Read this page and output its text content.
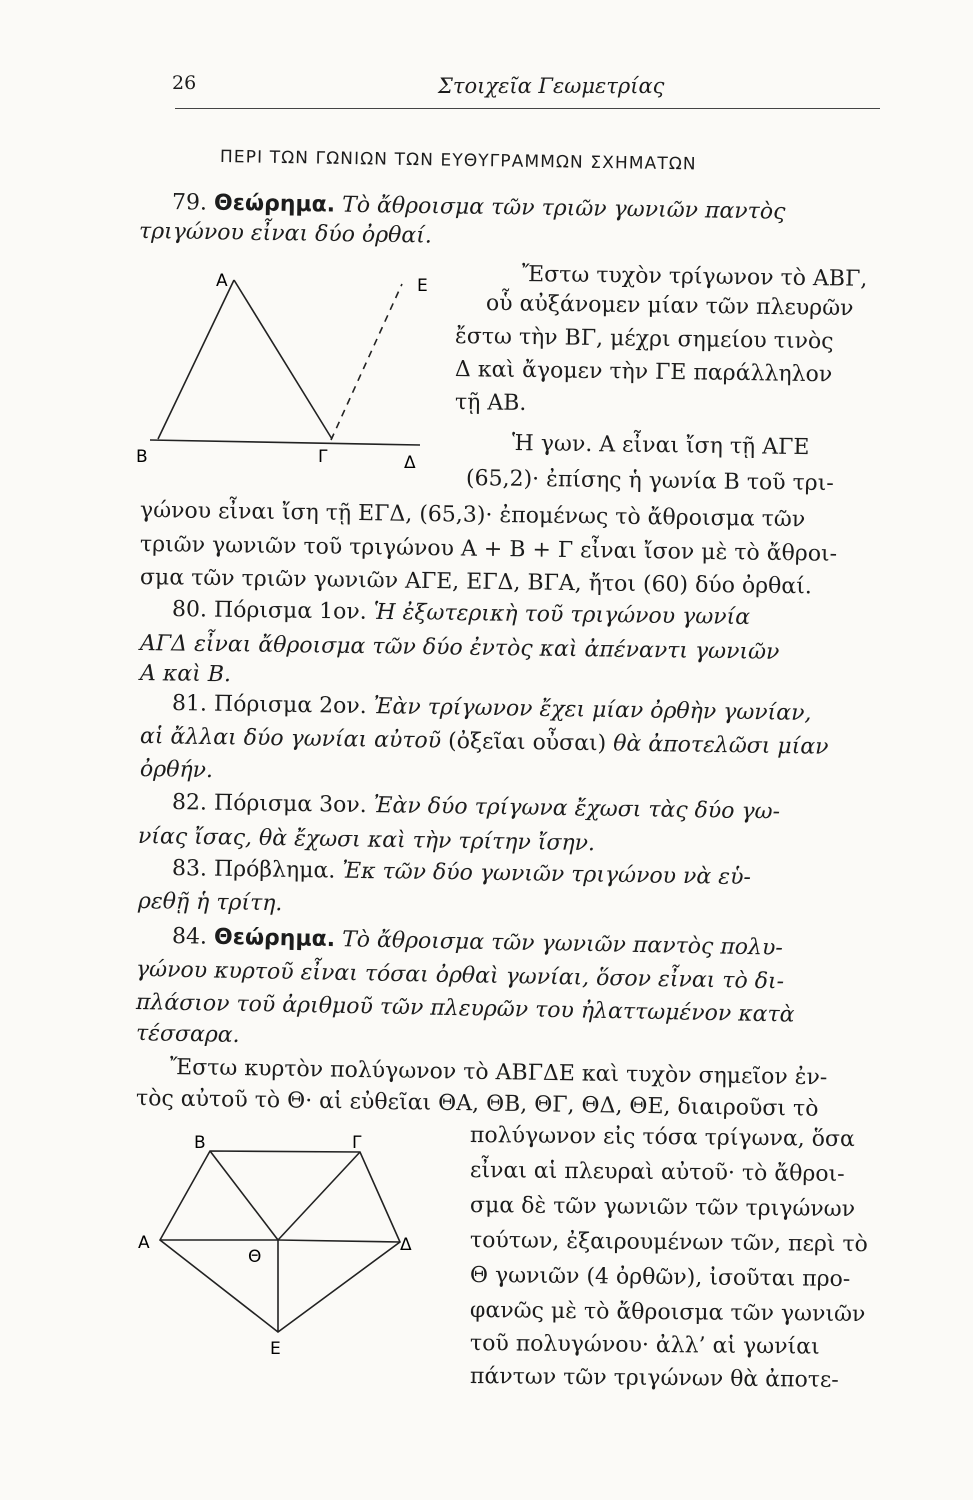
26	Στοιχεῖα Γεωμετρίας
ΠΕΡΙ ΤΩΝ ΓΩΝΙΩΝ ΤΩΝ ΕΥΘΥΓΡΑΜΜΩΝ ΣΧΗΜΑΤΩΝ
79. Θεώρημα. Τὸ ἄθροισμα τῶν τριῶν γωνιῶν παντὸς
τριγώνου εἶναι δύο ὀρθαί.
Α	Ε
Β	Γ	Δ
Ἔστω τυχὸν τρίγωνον τὸ ΑΒΓ,
οὗ αὐξάνομεν μίαν τῶν πλευρῶν
ἔστω τὴν ΒΓ, μέχρι σημείου τινὸς
Δ καὶ ἄγομεν τὴν ΓΕ παράλληλον
τῇ ΑΒ.
Ἡ γων. Α εἶναι ἴση τῇ ΑΓΕ
(65,2)· ἐπίσης ἡ γωνία Β τοῦ τρι-
γώνου εἶναι ἴση τῇ ΕΓΔ, (65,3)· ἐπομένως τὸ ἄθροισμα τῶν
τριῶν γωνιῶν τοῦ τριγώνου Α + Β + Γ εἶναι ἴσον μὲ τὸ ἄθροι-
σμα τῶν τριῶν γωνιῶν ΑΓΕ, ΕΓΔ, ΒΓΑ, ἤτοι (60) δύο ὀρθαί.
80. Πόρισμα 1ον. Ἡ ἐξωτερικὴ τοῦ τριγώνου γωνία
ΑΓΔ εἶναι ἄθροισμα τῶν δύο ἐντὸς καὶ ἀπέναντι γωνιῶν
Α καὶ Β.
81. Πόρισμα 2ον. Ἐὰν τρίγωνον ἔχει μίαν ὀρθὴν γωνίαν,
αἱ ἄλλαι δύο γωνίαι αὐτοῦ (ὀξεῖαι οὖσαι) θὰ ἀποτελῶσι μίαν
ὀρθήν.
82. Πόρισμα 3ον. Ἐὰν δύο τρίγωνα ἔχωσι τὰς δύο γω-
νίας ἴσας, θὰ ἔχωσι καὶ τὴν τρίτην ἴσην.
83. Πρόβλημα. Ἐκ τῶν δύο γωνιῶν τριγώνου νὰ εὑ-
ρεθῇ ἡ τρίτη.
84. Θεώρημα. Τὸ ἄθροισμα τῶν γωνιῶν παντὸς πολυ-
γώνου κυρτοῦ εἶναι τόσαι ὀρθαὶ γωνίαι, ὅσον εἶναι τὸ δι-
πλάσιον τοῦ ἀριθμοῦ τῶν πλευρῶν του ἠλαττωμένον κατὰ
τέσσαρα.
Ἔστω κυρτὸν πολύγωνον τὸ ΑΒΓΔΕ καὶ τυχὸν σημεῖον ἐν-
τὸς αὐτοῦ τὸ Θ· αἱ εὐθεῖαι ΘΑ, ΘΒ, ΘΓ, ΘΔ, ΘΕ, διαιροῦσι τὸ
Β	Γ
Α	Δ
Θ
Ε
πολύγωνον εἰς τόσα τρίγωνα, ὅσα
εἶναι αἱ πλευραὶ αὐτοῦ· τὸ ἄθροι-
σμα δὲ τῶν γωνιῶν τῶν τριγώνων
τούτων, ἐξαιρουμένων τῶν, περὶ τὸ
Θ γωνιῶν (4 ὀρθῶν), ἰσοῦται προ-
φανῶς μὲ τὸ ἄθροισμα τῶν γωνιῶν
τοῦ πολυγώνου· ἀλλ’ αἱ γωνίαι
πάντων τῶν τριγώνων θὰ ἀποτε-
